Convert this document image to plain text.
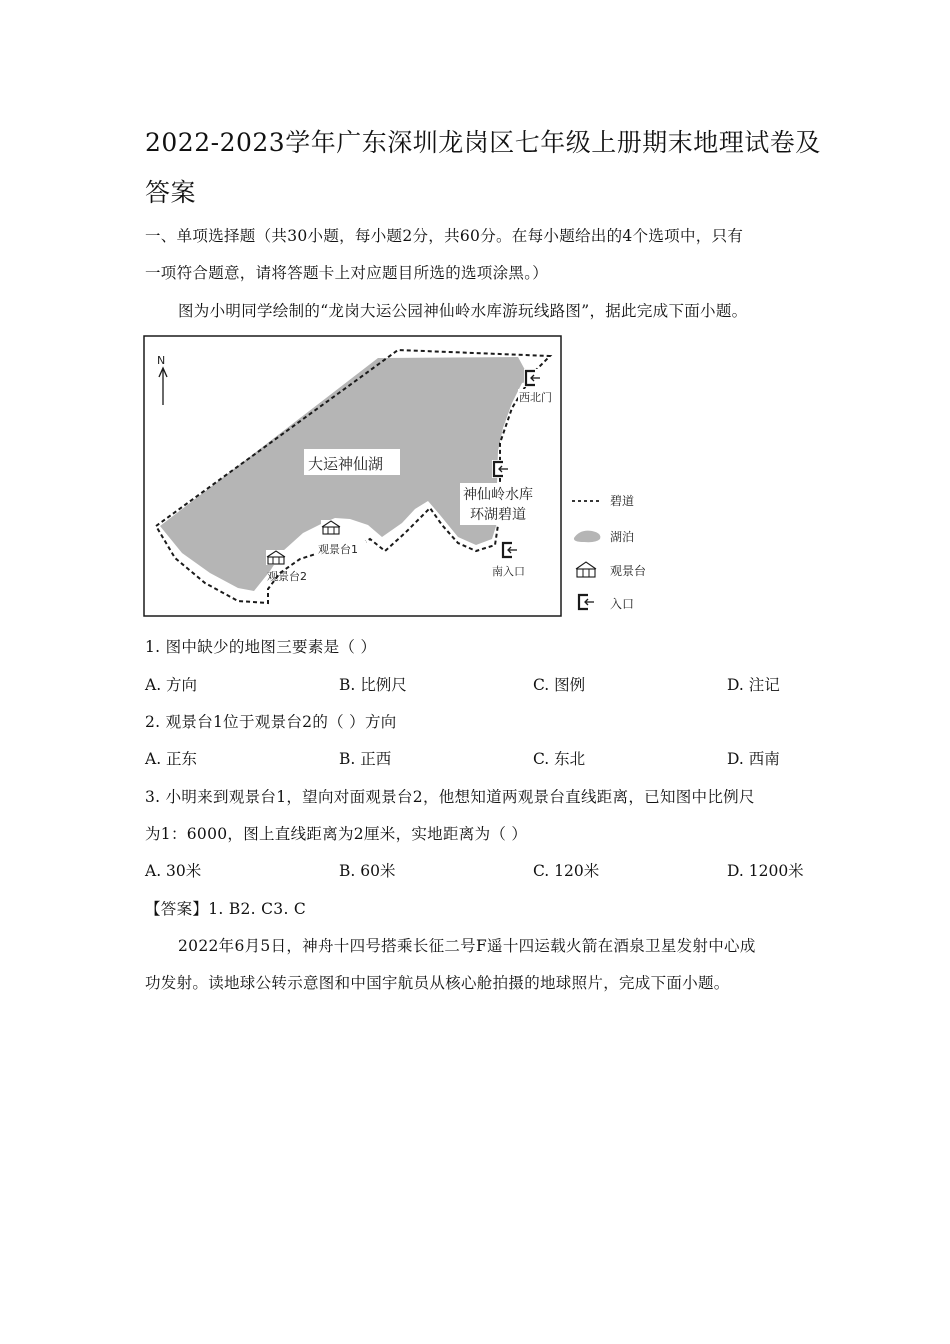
2022-2023学年广东深圳龙岗区七年级上册期末地理试卷及
答案
一、单项选择题（共30小题，每小题2分，共60分。在每小题给出的4个选项中，只有
一项符合题意，请将答题卡上对应题目所选的选项涂黑。）
图为小明同学绘制的“龙岗大运公园神仙岭水库游玩线路图”，据此完成下面小题。
N
大运神仙湖
神仙岭水库
环湖碧道
西北门
南入口
观景台1
观景台2
碧道
湖泊
观景台
入口
1. 图中缺少的地图三要素是（ ）
A. 方向	B. 比例尺	C. 图例	D. 注记
2. 观景台1位于观景台2的（ ）方向
A. 正东	B. 正西	C. 东北	D. 西南
3. 小明来到观景台1，望向对面观景台2，他想知道两观景台直线距离，已知图中比例尺
为1：6000，图上直线距离为2厘米，实地距离为（ ）
A. 30米	B. 60米	C. 120米	D. 1200米
【答案】1. B2. C3. C
2022年6月5日，神舟十四号搭乘长征二号F遥十四运载火箭在酒泉卫星发射中心成
功发射。读地球公转示意图和中国宇航员从核心舱拍摄的地球照片，完成下面小题。
